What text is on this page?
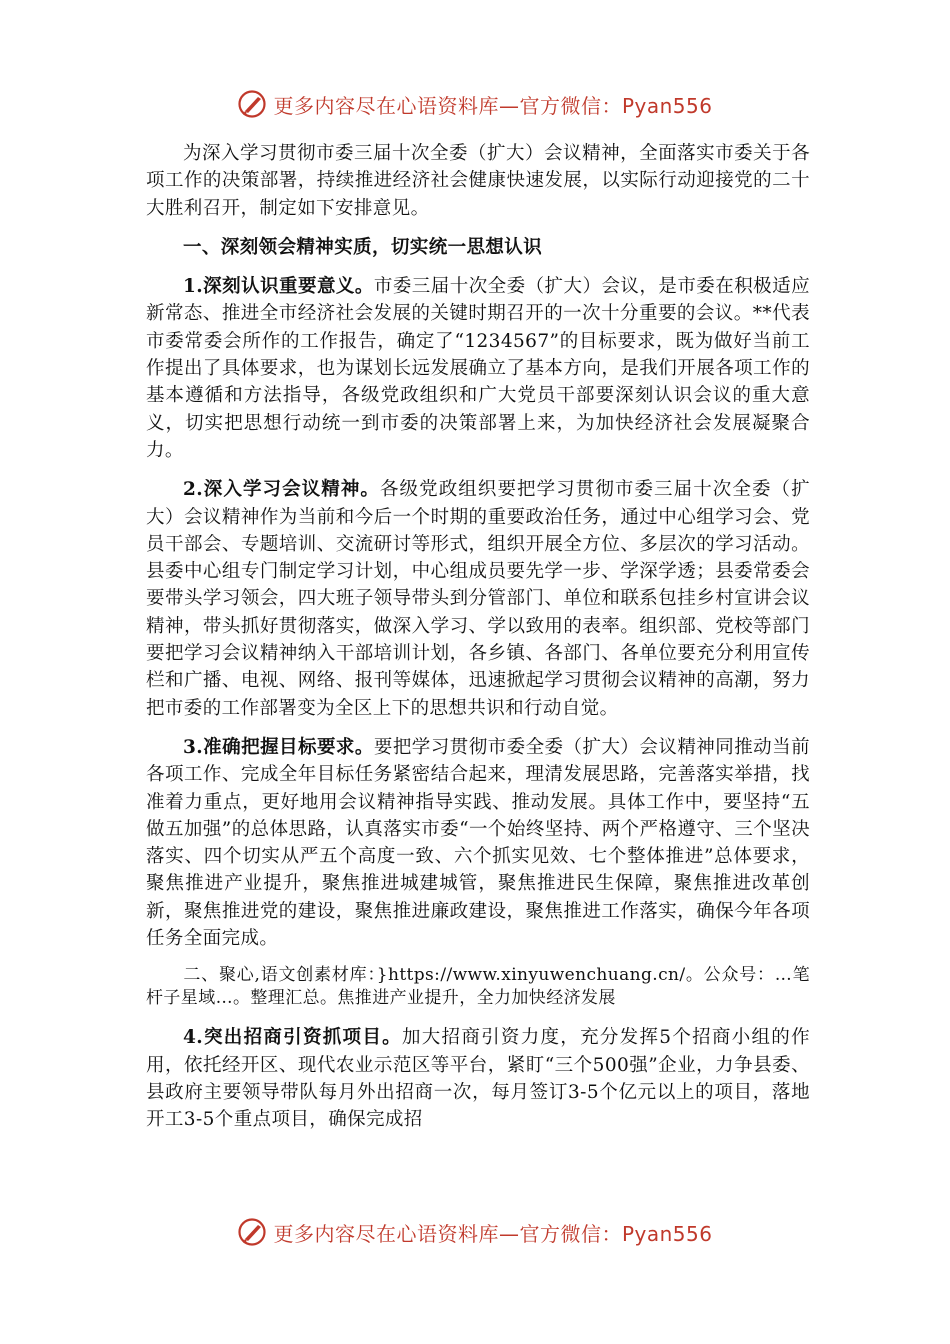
更多内容尽在心语资料库—官方微信：Pyan556

为深入学习贯彻市委三届十次全委（扩大）会议精神，全面落实市委关于各项工作的决策部署，持续推进经济社会健康快速发展，以实际行动迎接党的二十大胜利召开，制定如下安排意见。

一、深刻领会精神实质，切实统一思想认识

1.深刻认识重要意义。市委三届十次全委（扩大）会议，是市委在积极适应新常态、推进全市经济社会发展的关键时期召开的一次十分重要的会议。**代表市委常委会所作的工作报告，确定了“1234567”的目标要求，既为做好当前工作提出了具体要求，也为谋划长远发展确立了基本方向，是我们开展各项工作的基本遵循和方法指导，各级党政组织和广大党员干部要深刻认识会议的重大意义，切实把思想行动统一到市委的决策部署上来，为加快经济社会发展凝聚合力。

2.深入学习会议精神。各级党政组织要把学习贯彻市委三届十次全委（扩大）会议精神作为当前和今后一个时期的重要政治任务，通过中心组学习会、党员干部会、专题培训、交流研讨等形式，组织开展全方位、多层次的学习活动。县委中心组专门制定学习计划，中心组成员要先学一步、学深学透；县委常委会要带头学习领会，四大班子领导带头到分管部门、单位和联系包挂乡村宣讲会议精神，带头抓好贯彻落实，做深入学习、学以致用的表率。组织部、党校等部门要把学习会议精神纳入干部培训计划，各乡镇、各部门、各单位要充分利用宣传栏和广播、电视、网络、报刊等媒体，迅速掀起学习贯彻会议精神的高潮，努力把市委的工作部署变为全区上下的思想共识和行动自觉。

3.准确把握目标要求。要把学习贯彻市委全委（扩大）会议精神同推动当前各项工作、完成全年目标任务紧密结合起来，理清发展思路，完善落实举措，找准着力重点，更好地用会议精神指导实践、推动发展。具体工作中，要坚持“五做五加强”的总体思路，认真落实市委“一个始终坚持、两个严格遵守、三个坚决落实、四个切实从严五个高度一致、六个抓实见效、七个整体推进”总体要求，聚焦推进产业提升，聚焦推进城建城管，聚焦推进民生保障，聚焦推进改革创新，聚焦推进党的建设，聚焦推进廉政建设，聚焦推进工作落实，确保今年各项任务全面完成。

二、聚心,语文创素材库：}https://www.xinyuwenchuang.cn/。公众号：…笔杆子星域…。整理汇总。焦推进产业提升，全力加快经济发展

4.突出招商引资抓项目。加大招商引资力度，充分发挥5个招商小组的作用，依托经开区、现代农业示范区等平台，紧盯“三个500强”企业，力争县委、县政府主要领导带队每月外出招商一次，每月签订3-5个亿元以上的项目，落地开工3-5个重点项目，确保完成招

更多内容尽在心语资料库—官方微信：Pyan556
